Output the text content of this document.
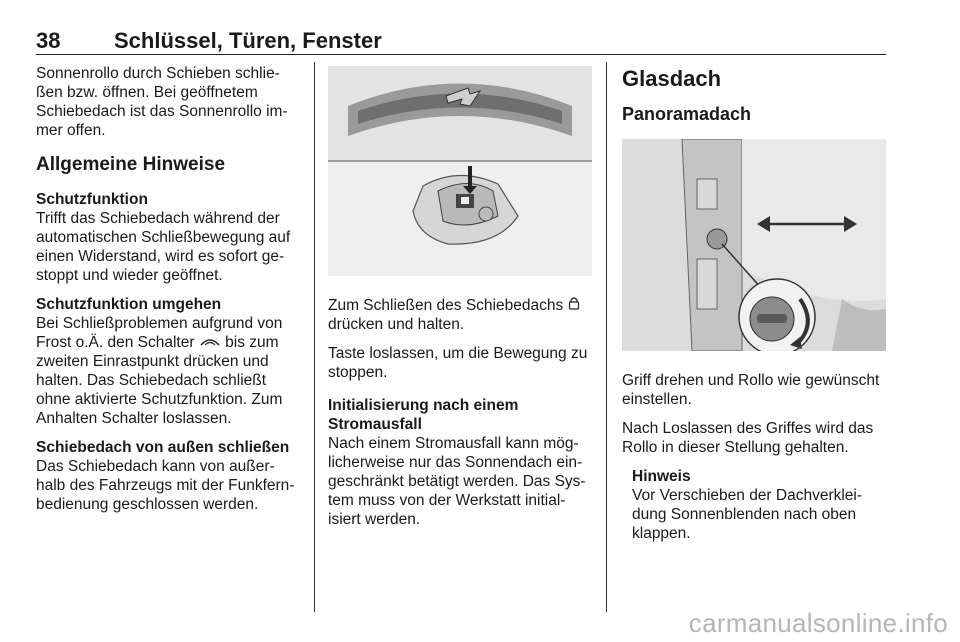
38 Schlüssel, Türen, Fenster

Sonnenrollo durch Schieben schlie-ßen bzw. öffnen. Bei geöffnetem Schiebedach ist das Sonnenrollo im-mer offen.

Allgemeine Hinweise

Schutzfunktion
Trifft das Schiebedach während der automatischen Schließbewegung auf einen Widerstand, wird es sofort ge-stoppt und wieder geöffnet.

Schutzfunktion umgehen
Bei Schließproblemen aufgrund von Frost o.Ä. den Schalter bis zum zweiten Einrastpunkt drücken und halten. Das Schiebedach schließt ohne aktivierte Schutzfunktion. Zum Anhalten Schalter loslassen.

Schiebedach von außen schließen
Das Schiebedach kann von außer-halb des Fahrzeugs mit der Funkfern-bedienung geschlossen werden.

Zum Schließen des Schiebedachs  drücken und halten.

Taste loslassen, um die Bewegung zu stoppen.

Initialisierung nach einem
Stromausfall
Nach einem Stromausfall kann mög-licherweise nur das Sonnendach ein-geschränkt betätigt werden. Das Sys-tem muss von der Werkstatt initial-isiert werden.

Glasdach
Panoramadach

Griff drehen und Rollo wie gewünscht einstellen.

Nach Loslassen des Griffes wird das Rollo in dieser Stellung gehalten.

Hinweis

Vor Verschieben der Dachverklei-dung Sonnenblenden nach oben klappen.

carmanualsonline.info
